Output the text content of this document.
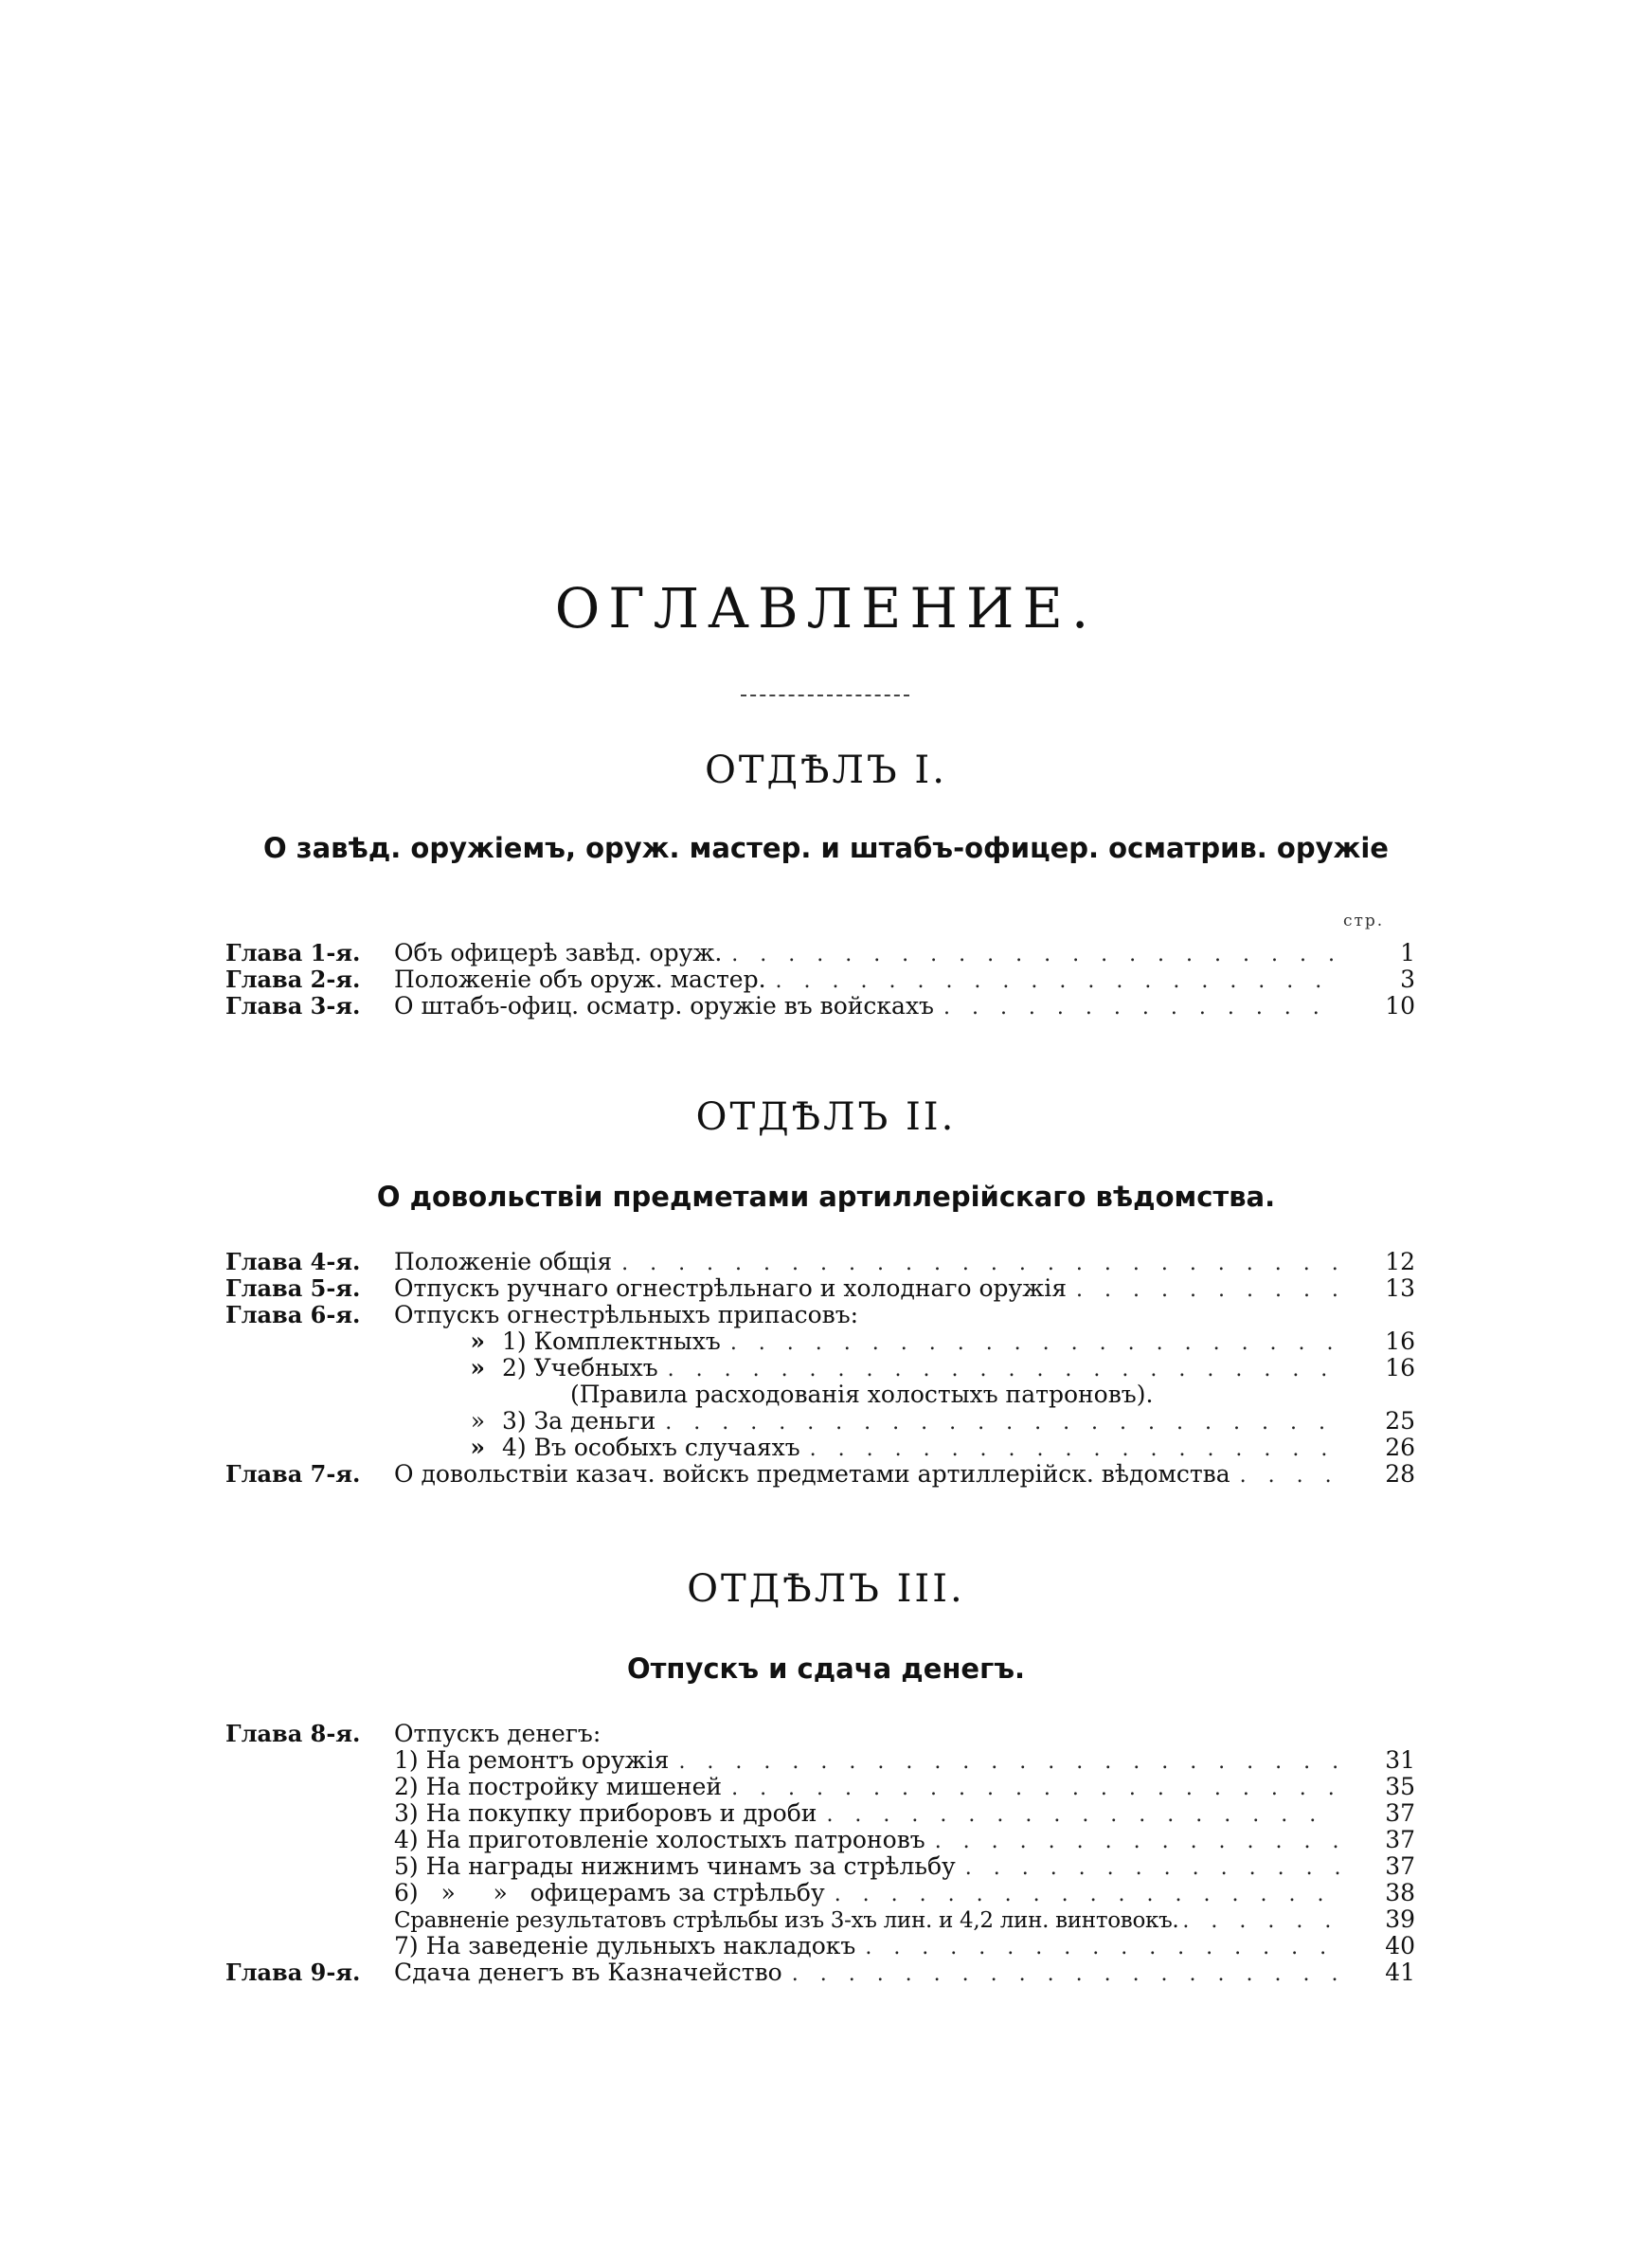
ОГЛАВЛЕНИЕ.
ОТДѢЛЪ I.
О завѣд. оружіемъ, оруж. мастер. и штабъ-офицер. осматрив. оружіе
стр.
Глава 1-я.	Объ офицерѣ завѣд. оруж. . . .	1
Глава 2-я.	Положеніе объ оруж. мастер. . . .	3
Глава 3-я.	О штабъ-офиц. осматр. оружіе въ войскахъ . . .	10
ОТДѢЛЪ II.
О довольствіи предметами артиллерійскаго вѣдомства.
Глава 4-я.	Положеніе общія . . .	12
Глава 5-я.	Отпускъ ручнаго огнестрѣльнаго и холоднаго оружія . . .	13
Глава 6-я.	Отпускъ огнестрѣльныхъ припасовъ:
» 1) Комплектныхъ . . .	16
» 2) Учебныхъ . . .	16
(Правила расходованія холостыхъ патроновъ).
» 3) За деньги . . .	25
» 4) Въ особыхъ случаяхъ . . .	26
Глава 7-я.	О довольствіи казач. войскъ предметами артиллерійск. вѣдомства . . .	28
ОТДѢЛЪ III.
Отпускъ и сдача денегъ.
Глава 8-я.	Отпускъ денегъ:
1) На ремонтъ оружія . . .	31
2) На постройку мишеней . . .	35
3) На покупку приборовъ и дроби . . .	37
4) На приготовленіе холостыхъ патроновъ . . .	37
5) На награды нижнимъ чинамъ за стрѣльбу . . .	37
6)   »     »   офицерамъ за стрѣльбу . . .	38
Сравненіе результатовъ стрѣльбы изъ 3-хъ лин. и 4,2 лин. винтовокъ. . . .	39
7) На заведеніе дульныхъ накладокъ . . .	40
Глава 9-я.	Сдача денегъ въ Казначейство . . .	41
